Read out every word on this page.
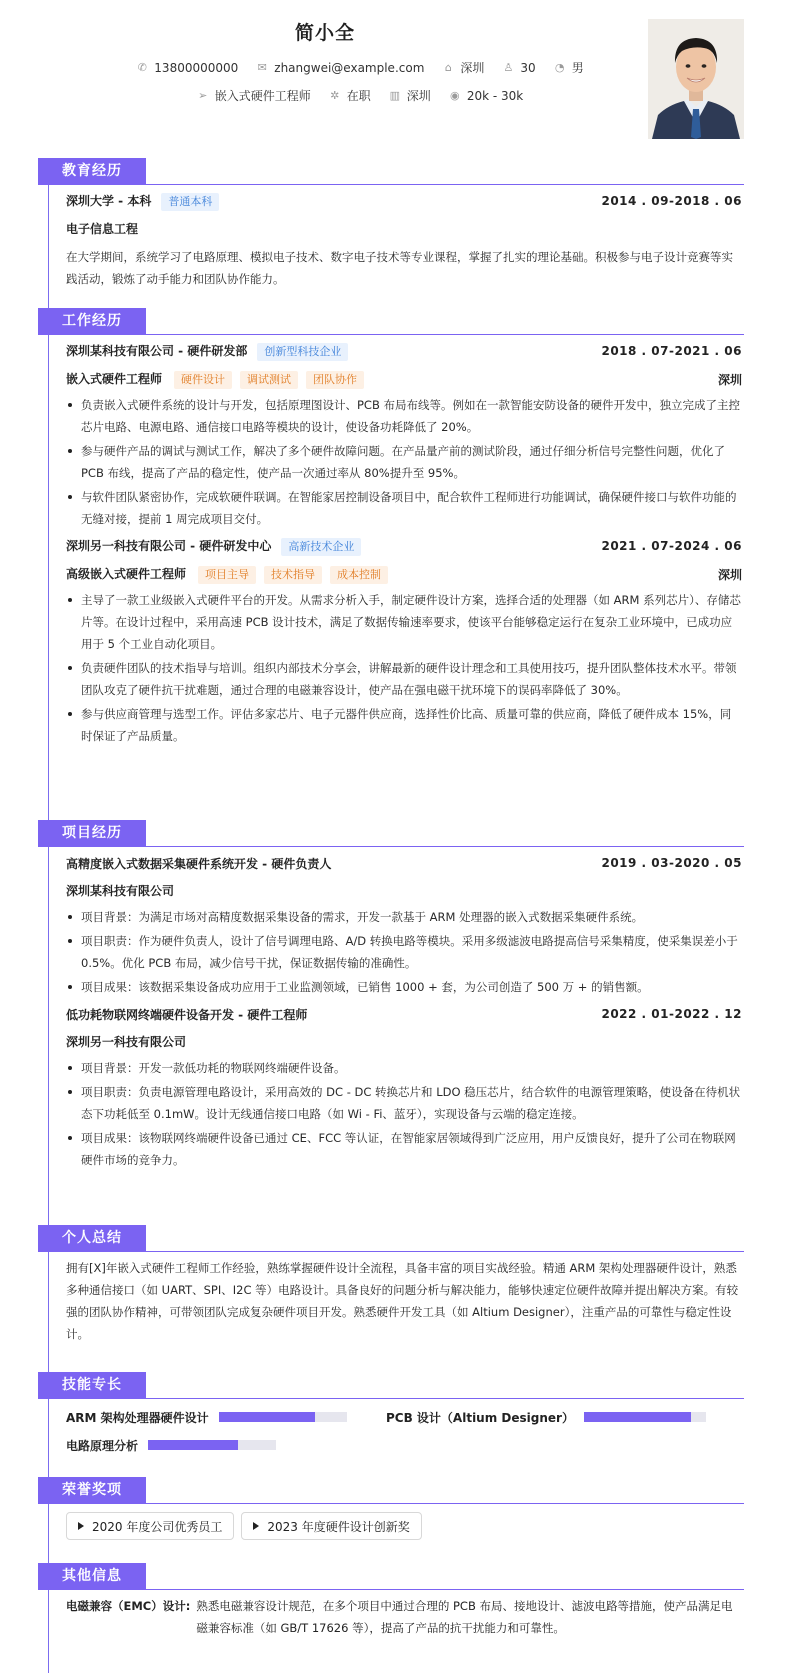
简小全
✆ 13800000000 ✉ zhangwei@example.com ⌂ 深圳 ♙ 30 ◔ 男
➢ 嵌入式硬件工程师 ✲ 在职 ▥ 深圳 ◉ 20k - 30k
教育经历
深圳大学 - 本科 普通本科	2014 . 09-2018 . 06
电子信息工程
在大学期间，系统学习了电路原理、模拟电子技术、数字电子技术等专业课程，掌握了扎实的理论基础。积极参与电子设计竞赛等实践活动，锻炼了动手能力和团队协作能力。
工作经历
深圳某科技有限公司 - 硬件研发部 创新型科技企业	2018 . 07-2021 . 06
嵌入式硬件工程师 硬件设计 调试测试 团队协作	深圳
负责嵌入式硬件系统的设计与开发，包括原理图设计、PCB 布局布线等。例如在一款智能安防设备的硬件开发中，独立完成了主控芯片电路、电源电路、通信接口电路等模块的设计，使设备功耗降低了 20%。
参与硬件产品的调试与测试工作，解决了多个硬件故障问题。在产品量产前的测试阶段，通过仔细分析信号完整性问题，优化了 PCB 布线，提高了产品的稳定性，使产品一次通过率从 80%提升至 95%。
与软件团队紧密协作，完成软硬件联调。在智能家居控制设备项目中，配合软件工程师进行功能调试，确保硬件接口与软件功能的无缝对接，提前 1 周完成项目交付。
深圳另一科技有限公司 - 硬件研发中心 高新技术企业	2021 . 07-2024 . 06
高级嵌入式硬件工程师 项目主导 技术指导 成本控制	深圳
主导了一款工业级嵌入式硬件平台的开发。从需求分析入手，制定硬件设计方案，选择合适的处理器（如 ARM 系列芯片）、存储芯片等。在设计过程中，采用高速 PCB 设计技术，满足了数据传输速率要求，使该平台能够稳定运行在复杂工业环境中，已成功应用于 5 个工业自动化项目。
负责硬件团队的技术指导与培训。组织内部技术分享会，讲解最新的硬件设计理念和工具使用技巧，提升团队整体技术水平。带领团队攻克了硬件抗干扰难题，通过合理的电磁兼容设计，使产品在强电磁干扰环境下的误码率降低了 30%。
参与供应商管理与选型工作。评估多家芯片、电子元器件供应商，选择性价比高、质量可靠的供应商，降低了硬件成本 15%，同时保证了产品质量。
项目经历
高精度嵌入式数据采集硬件系统开发 - 硬件负责人	2019 . 03-2020 . 05
深圳某科技有限公司
项目背景：为满足市场对高精度数据采集设备的需求，开发一款基于 ARM 处理器的嵌入式数据采集硬件系统。
项目职责：作为硬件负责人，设计了信号调理电路、A/D 转换电路等模块。采用多级滤波电路提高信号采集精度，使采集误差小于 0.5%。优化 PCB 布局，减少信号干扰，保证数据传输的准确性。
项目成果：该数据采集设备成功应用于工业监测领域，已销售 1000 + 套，为公司创造了 500 万 + 的销售额。
低功耗物联网终端硬件设备开发 - 硬件工程师	2022 . 01-2022 . 12
深圳另一科技有限公司
项目背景：开发一款低功耗的物联网终端硬件设备。
项目职责：负责电源管理电路设计，采用高效的 DC - DC 转换芯片和 LDO 稳压芯片，结合软件的电源管理策略，使设备在待机状态下功耗低至 0.1mW。设计无线通信接口电路（如 Wi - Fi、蓝牙），实现设备与云端的稳定连接。
项目成果：该物联网终端硬件设备已通过 CE、FCC 等认证，在智能家居领域得到广泛应用，用户反馈良好，提升了公司在物联网硬件市场的竞争力。
个人总结
拥有[X]年嵌入式硬件工程师工作经验，熟练掌握硬件设计全流程，具备丰富的项目实战经验。精通 ARM 架构处理器硬件设计，熟悉多种通信接口（如 UART、SPI、I2C 等）电路设计。具备良好的问题分析与解决能力，能够快速定位硬件故障并提出解决方案。有较强的团队协作精神，可带领团队完成复杂硬件项目开发。熟悉硬件开发工具（如 Altium Designer），注重产品的可靠性与稳定性设计。
技能专长
ARM 架构处理器硬件设计	PCB 设计（Altium Designer）
电路原理分析
荣誉奖项
2020 年度公司优秀员工	2023 年度硬件设计创新奖
其他信息
电磁兼容（EMC）设计: 熟悉电磁兼容设计规范，在多个项目中通过合理的 PCB 布局、接地设计、滤波电路等措施，使产品满足电磁兼容标准（如 GB/T 17626 等），提高了产品的抗干扰能力和可靠性。
